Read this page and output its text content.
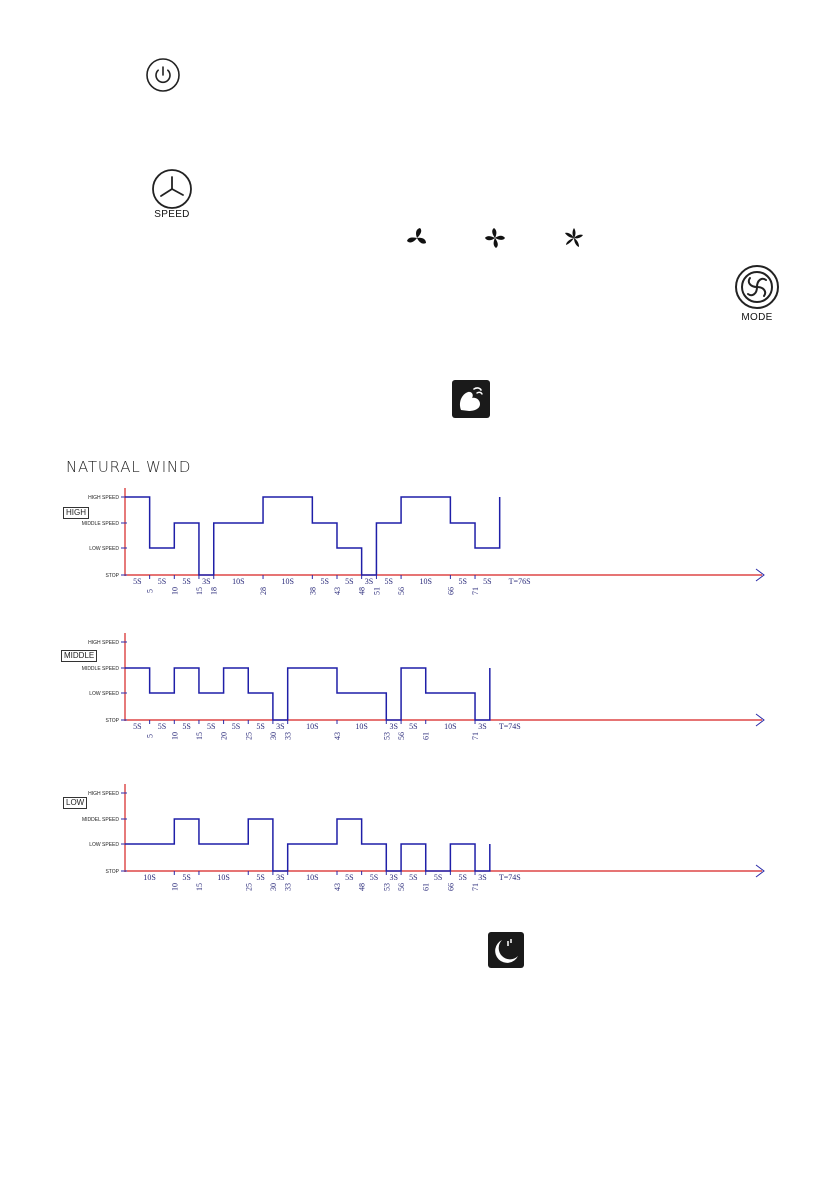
SPEED
MODE
NATURAL WIND
STOP
LOW SPEED
MIDDLE SPEED
HIGH SPEED
5 10 15 18	28	38 43 48 51 56	66 71
5S 5S 5S 3S	10S	10S	5S 5S 3S 5S	10S	5S 5S T=76S
STOP
LOW SPEED
MIDDLE SPEED
HIGH SPEED
5 10 15 20 25 30 33	43	53 56 61	71
5S 5S 5S 5S 5S 5S 3S	10S	10S	3S 5S	10S	3S T=74S
STOP
LOW SPEED
MIDDEL SPEED
HIGH SPEED
10 15	25 30 33	43 48 53 56 61 66 71
10S	5S	10S	5S 3S	10S	5S 5S 3S 5S 5S 5S 3S T=74S
HIGH
MIDDLE
LOW
